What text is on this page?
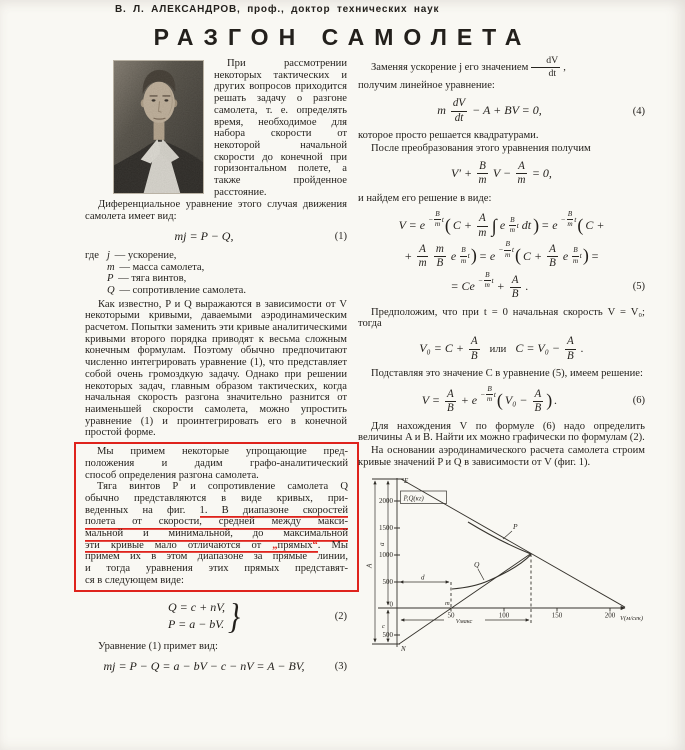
В. Л. АЛЕКСАНДРОВ, проф., доктор технических наук
РАЗГОН САМОЛЕТА

При рассмотрении некоторых тактических и других вопросов приходится решать задачу о разгоне самолета, т. е. определять время, необходимое для набора скорости от некоторой начальной скорости до конечной при горизонтальном полете, а также пройденное расстояние.

Диференциальное уравнение этого случая движения самолета имеет вид:

mj = P − Q,	(1)
где j — ускорение,
m — масса самолета,
P — тяга винтов,
Q — сопротивление самолета.

Как известно, P и Q выражаются в зависимости от V некоторыми кривыми, даваемыми аэродинамическим расчетом. Попытки заменить эти кривые аналитическими кривыми второго порядка приводят к весьма сложным конечным формулам. Поэтому обычно предпочитают численно интегрировать уравнение (1), что представляет собой очень громоздкую задачу. Однако при решении некоторых задач, главным образом тактических, когда начальная скорость разгона значительно разнится от наименьшей скорости самолета, можно упростить уравнение (1) и проинтегрировать его в конечной простой форме.

Мы примем некоторые упрощающие пред-
положения и дадим графо-аналитический
способ определения разгона самолета.
Тяга винтов P и сопротивление самолета Q
обычно представляются в виде кривых, при-
веденных на фиг. 1. В диапазоне скоростей
полета от скорости, средней между макси-
мальной и минимальной, до максимальной
эти кривые мало отличаются от „прямых“. Мы
примем их в этом диапазоне за прямые линии,
и тогда уравнения этих прямых представят-
ся в следующем виде:
Q = c + nV,
P = a − bV. }	(2)

Уравнение (1) примет вид:

mj = P − Q = a − bV − c − nV = A − BV,	(3)

Заменяя ускорение j его значением $\frac{dV}{dt}$ ,

получим линейное уравнение:

m $\frac{dV}{dt} - A$ + BV = 0,	(4)

которое просто решается квадратурами.

После преобразования этого уравнения получим

$V' + \frac{B}{m}$ $V - \frac{A}{m} = 0$,

и найдем его решение в виде:

$V = e - \frac{B}{m}$ t ( $C + \frac{A}{m}$ ∫ e $\frac{B}{m}$ t dt ) = $e - \frac{B}{m}$ t ( C +
+ $\frac{A}{m} \frac{m}{B}$ e $\frac{B}{m}$ t ) = $e - \frac{B}{m}$ t ( $C + \frac{A}{B}$ e $\frac{B}{m}$ t ) =
= $Ce - \frac{B}{m}$ $t + \frac{A}{B}$ .	(5)

Предположим, что при t = 0 начальная скорость V = V₀; тогда

$V_0 = C + \frac{A}{B}$ или $C = V_0 - \frac{A}{B}$ .

Подставляя это значение C в уравнение (5), имеем решение:

$V = \frac{A}{B} + e - \frac{B}{m}$ t ( $V_0 - \frac{A}{B}$ ) .	(6)

Для нахождения V по формуле (6) надо определить величины A и B. Найти их можно графически по формулам (2).

На основании аэродинамического расчета самолета строим кривые значений P и Q в зависимости от V (фиг. 1).

2000
1500
1000
500
0
500
50	100	150	200
P,Q(кг)
V(м/сек)
P
Q
E
N
m
a
A
c
d
Vмакс
